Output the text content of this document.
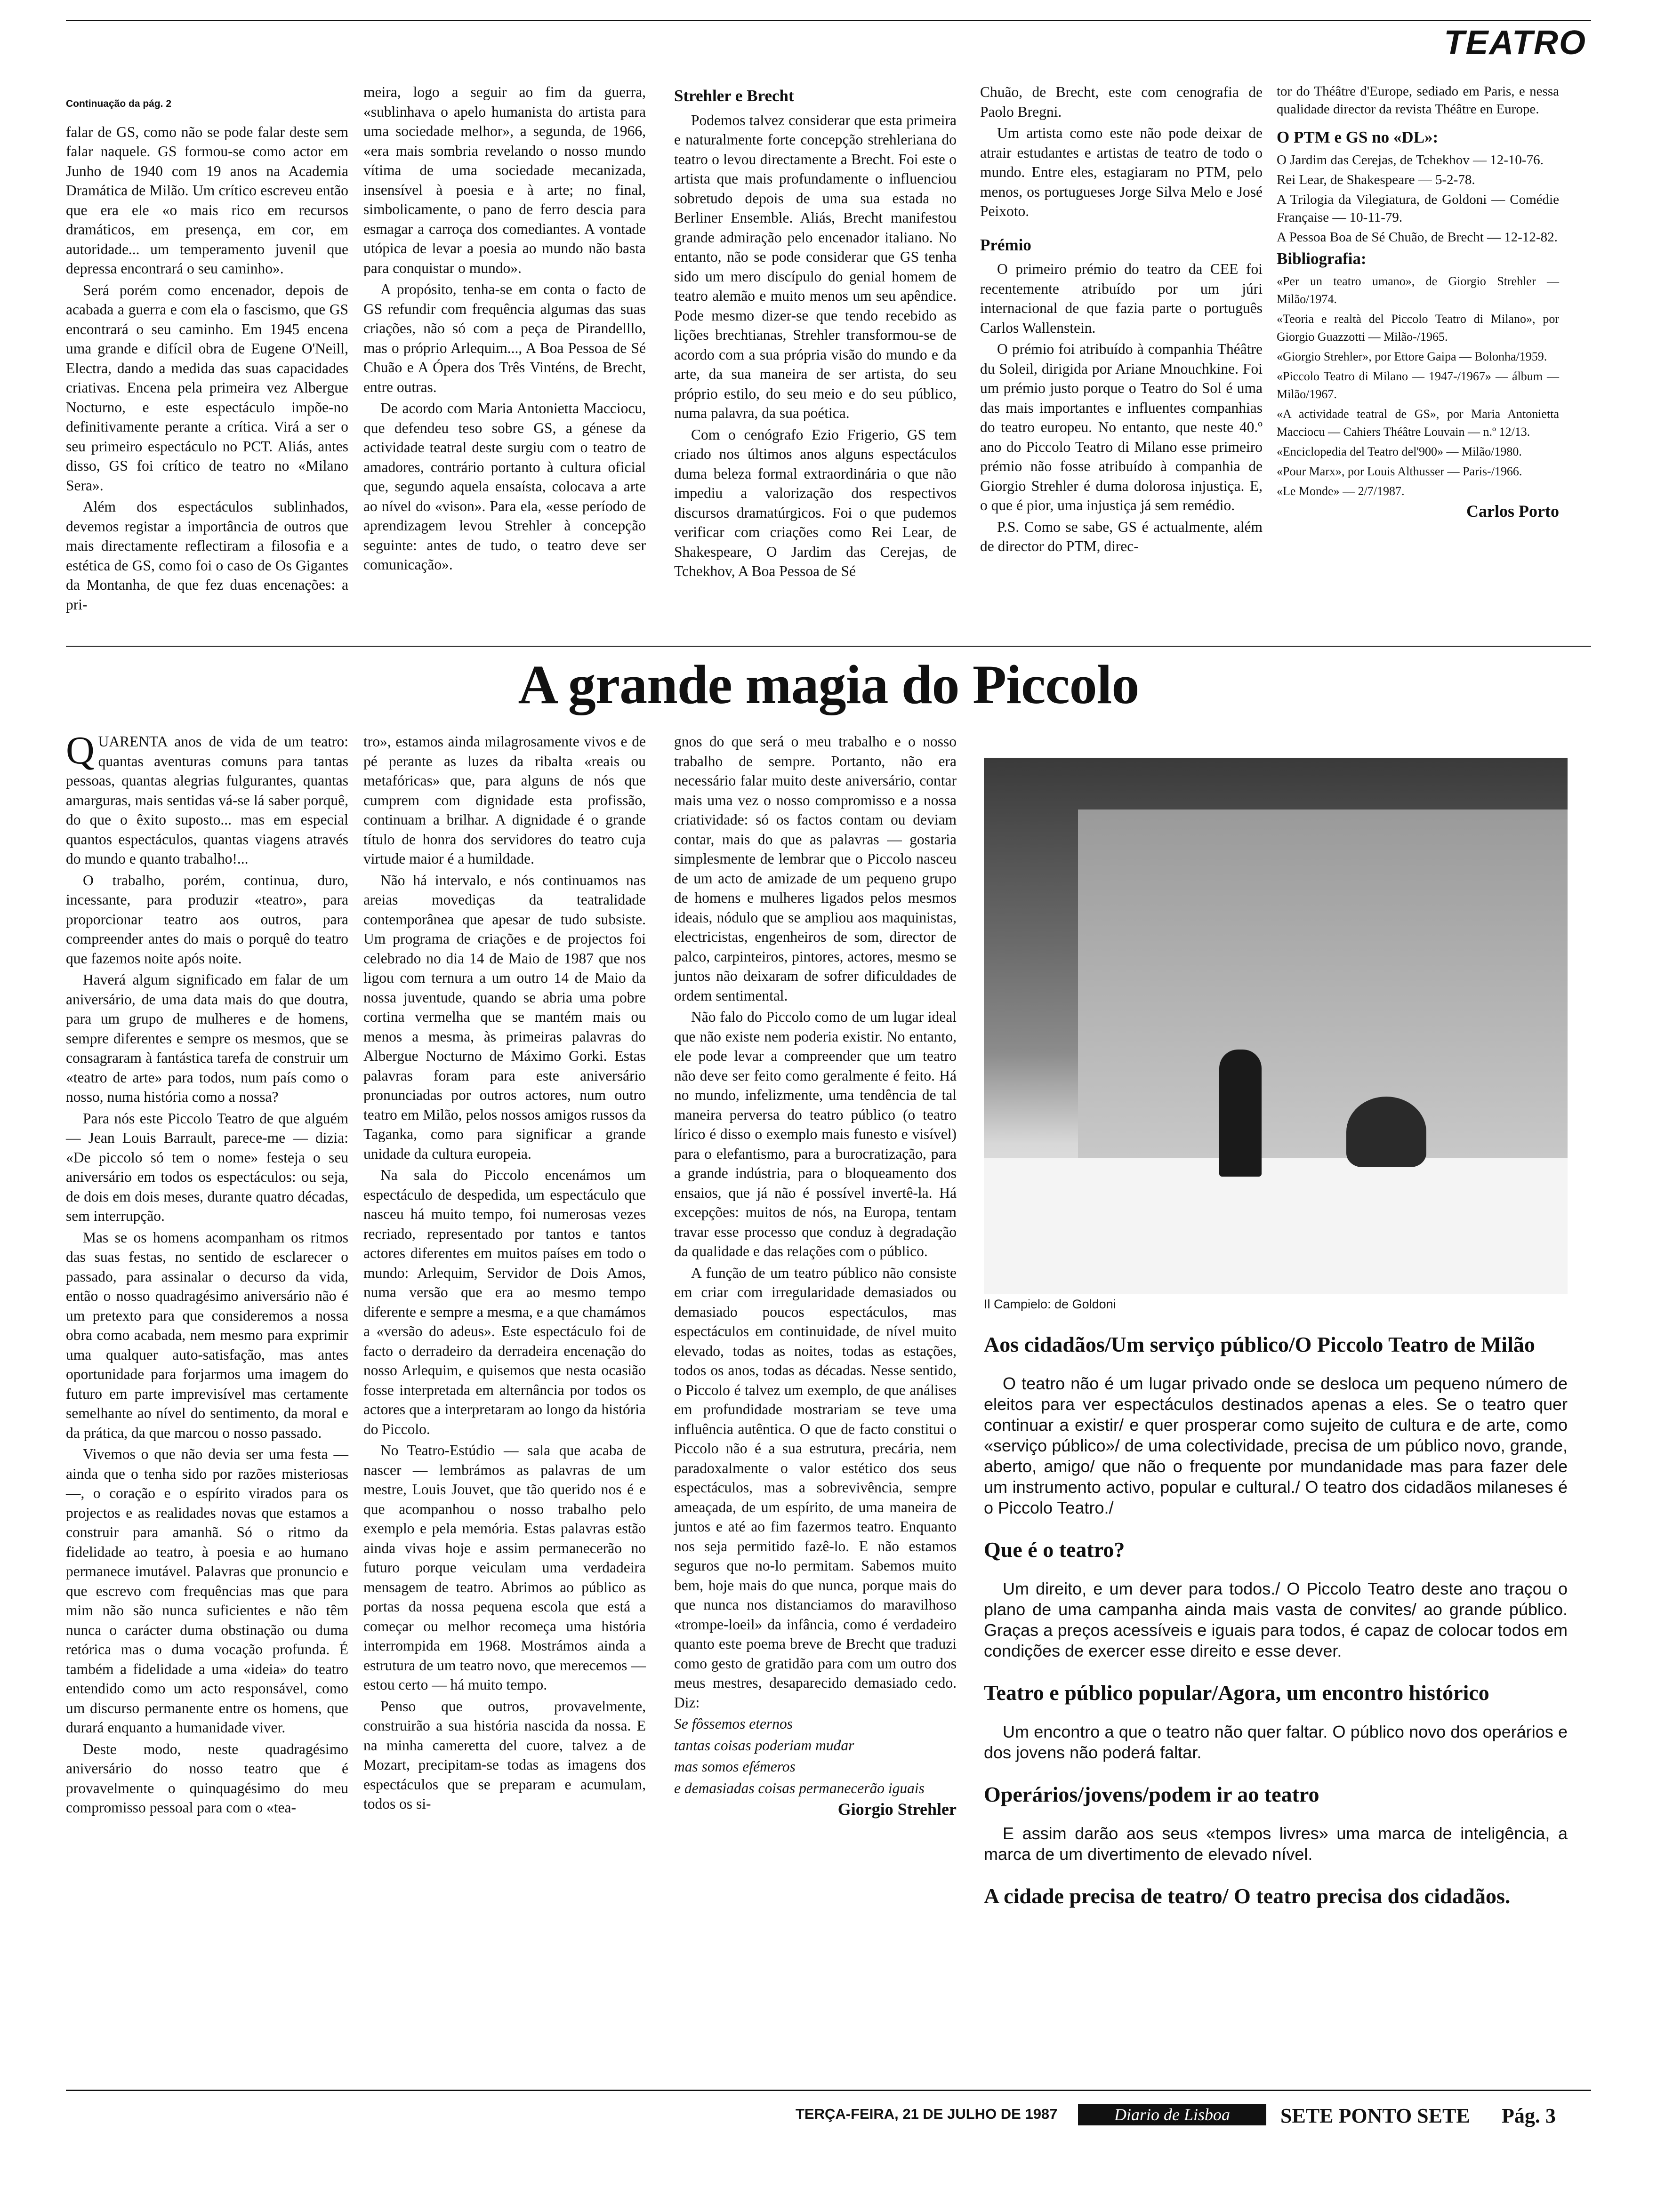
TEATRO

Continuação da pág. 2

falar de GS, como não se pode falar deste sem falar naquele. GS formou-se como actor em Junho de 1940 com 19 anos na Academia Dramática de Milão. Um crítico escreveu então que era ele «o mais rico em recursos dramáticos, em presença, em cor, em autoridade... um temperamento juvenil que depressa encontrará o seu caminho».

Será porém como encenador, depois de acabada a guerra e com ela o fascismo, que GS encontrará o seu caminho. Em 1945 encena uma grande e difícil obra de Eugene O'Neill, Electra, dando a medida das suas capacidades criativas. Encena pela primeira vez Albergue Nocturno, e este espectáculo impõe-no definitivamente perante a crítica. Virá a ser o seu primeiro espectáculo no PCT. Aliás, antes disso, GS foi crítico de teatro no «Milano Sera».

Além dos espectáculos sublinhados, devemos registar a importância de outros que mais directamente reflectiram a filosofia e a estética de GS, como foi o caso de Os Gigantes da Montanha, de que fez duas encenações: a pri-

meira, logo a seguir ao fim da guerra, «sublinhava o apelo humanista do artista para uma sociedade melhor», a segunda, de 1966, «era mais sombria revelando o nosso mundo vítima de uma sociedade mecanizada, insensível à poesia e à arte; no final, simbolicamente, o pano de ferro descia para esmagar a carroça dos comediantes. A vontade utópica de levar a poesia ao mundo não basta para conquistar o mundo».

A propósito, tenha-se em conta o facto de GS refundir com frequência algumas das suas criações, não só com a peça de Pirandelllo, mas o próprio Arlequim..., A Boa Pessoa de Sé Chuão e A Ópera dos Três Vinténs, de Brecht, entre outras.

De acordo com Maria Antonietta Macciocu, que defendeu teso sobre GS, a génese da actividade teatral deste surgiu com o teatro de amadores, contrário portanto à cultura oficial que, segundo aquela ensaísta, colocava a arte ao nível do «vison». Para ela, «esse período de aprendizagem levou Strehler à concepção seguinte: antes de tudo, o teatro deve ser comunicação».

Strehler e Brecht

Podemos talvez considerar que esta primeira e naturalmente forte concepção strehleriana do teatro o levou directamente a Brecht. Foi este o artista que mais profundamente o influenciou sobretudo depois de uma sua estada no Berliner Ensemble. Aliás, Brecht manifestou grande admiração pelo encenador italiano. No entanto, não se pode considerar que GS tenha sido um mero discípulo do genial homem de teatro alemão e muito menos um seu apêndice. Pode mesmo dizer-se que tendo recebido as lições brechtianas, Strehler transformou-se de acordo com a sua própria visão do mundo e da arte, da sua maneira de ser artista, do seu próprio estilo, do seu meio e do seu público, numa palavra, da sua poética.

Com o cenógrafo Ezio Frigerio, GS tem criado nos últimos anos alguns espectáculos duma beleza formal extraordinária o que não impediu a valorização dos respectivos discursos dramatúrgicos. Foi o que pudemos verificar com criações como Rei Lear, de Shakespeare, O Jardim das Cerejas, de Tchekhov, A Boa Pessoa de Sé

Chuão, de Brecht, este com cenografia de Paolo Bregni.

Um artista como este não pode deixar de atrair estudantes e artistas de teatro de todo o mundo. Entre eles, estagiaram no PTM, pelo menos, os portugueses Jorge Silva Melo e José Peixoto.

Prémio

O primeiro prémio do teatro da CEE foi recentemente atribuído por um júri internacional de que fazia parte o português Carlos Wallenstein.

O prémio foi atribuído à companhia Théâtre du Soleil, dirigida por Ariane Mnouchkine. Foi um prémio justo porque o Teatro do Sol é uma das mais importantes e influentes companhias do teatro europeu. No entanto, que neste 40.º ano do Piccolo Teatro di Milano esse primeiro prémio não fosse atribuído à companhia de Giorgio Strehler é duma dolorosa injustiça. E, o que é pior, uma injustiça já sem remédio.

P.S. Como se sabe, GS é actualmente, além de director do PTM, direc-

tor do Théâtre d'Europe, sediado em Paris, e nessa qualidade director da revista Théâtre en Europe.

O PTM e GS no «DL»:

O Jardim das Cerejas, de Tchekhov — 12-10-76.

Rei Lear, de Shakespeare — 5-2-78.

A Trilogia da Vilegiatura, de Goldoni — Comédie Française — 10-11-79.

A Pessoa Boa de Sé Chuão, de Brecht — 12-12-82.

Bibliografia:

«Per un teatro umano», de Giorgio Strehler — Milão/1974.

«Teoria e realtà del Piccolo Teatro di Milano», por Giorgio Guazzotti — Milão-/1965.

«Giorgio Strehler», por Ettore Gaipa — Bolonha/1959.

«Piccolo Teatro di Milano — 1947-/1967» — álbum — Milão/1967.

«A actividade teatral de GS», por Maria Antonietta Macciocu — Cahiers Théâtre Louvain — n.º 12/13.

«Enciclopedia del Teatro del'900» — Milão/1980.

«Pour Marx», por Louis Althusser — Paris-/1966.

«Le Monde» — 2/7/1987.

Carlos Porto

A grande magia do Piccolo

QUARENTA anos de vida de um teatro: quantas aventuras comuns para tantas pessoas, quantas alegrias fulgurantes, quantas amarguras, mais sentidas vá-se lá saber porquê, do que o êxito suposto... mas em especial quantos espectáculos, quantas viagens através do mundo e quanto trabalho!...

O trabalho, porém, continua, duro, incessante, para produzir «teatro», para proporcionar teatro aos outros, para compreender antes do mais o porquê do teatro que fazemos noite após noite.

Haverá algum significado em falar de um aniversário, de uma data mais do que doutra, para um grupo de mulheres e de homens, sempre diferentes e sempre os mesmos, que se consagraram à fantástica tarefa de construir um «teatro de arte» para todos, num país como o nosso, numa história como a nossa?

Para nós este Piccolo Teatro de que alguém — Jean Louis Barrault, parece-me — dizia: «De piccolo só tem o nome» festeja o seu aniversário em todos os espectáculos: ou seja, de dois em dois meses, durante quatro décadas, sem interrupção.

Mas se os homens acompanham os ritmos das suas festas, no sentido de esclarecer o passado, para assinalar o decurso da vida, então o nosso quadragésimo aniversário não é um pretexto para que consideremos a nossa obra como acabada, nem mesmo para exprimir uma qualquer auto-satisfação, mas antes oportunidade para forjarmos uma imagem do futuro em parte imprevisível mas certamente semelhante ao nível do sentimento, da moral e da prática, da que marcou o nosso passado.

Vivemos o que não devia ser uma festa — ainda que o tenha sido por razões misteriosas —, o coração e o espírito virados para os projectos e as realidades novas que estamos a construir para amanhã. Só o ritmo da fidelidade ao teatro, à poesia e ao humano permanece imutável. Palavras que pronuncio e que escrevo com frequências mas que para mim não são nunca suficientes e não têm nunca o carácter duma obstinação ou duma retórica mas o duma vocação profunda. É também a fidelidade a uma «ideia» do teatro entendido como um acto responsável, como um discurso permanente entre os homens, que durará enquanto a humanidade viver.

Deste modo, neste quadragésimo aniversário do nosso teatro que é provavelmente o quinquagésimo do meu compromisso pessoal para com o «tea-

tro», estamos ainda milagrosamente vivos e de pé perante as luzes da ribalta «reais ou metafóricas» que, para alguns de nós que cumprem com dignidade esta profissão, continuam a brilhar. A dignidade é o grande título de honra dos servidores do teatro cuja virtude maior é a humildade.

Não há intervalo, e nós continuamos nas areias movediças da teatralidade contemporânea que apesar de tudo subsiste. Um programa de criações e de projectos foi celebrado no dia 14 de Maio de 1987 que nos ligou com ternura a um outro 14 de Maio da nossa juventude, quando se abria uma pobre cortina vermelha que se mantém mais ou menos a mesma, às primeiras palavras do Albergue Nocturno de Máximo Gorki. Estas palavras foram para este aniversário pronunciadas por outros actores, num outro teatro em Milão, pelos nossos amigos russos da Taganka, como para significar a grande unidade da cultura europeia.

Na sala do Piccolo encenámos um espectáculo de despedida, um espectáculo que nasceu há muito tempo, foi numerosas vezes recriado, representado por tantos e tantos actores diferentes em muitos países em todo o mundo: Arlequim, Servidor de Dois Amos, numa versão que era ao mesmo tempo diferente e sempre a mesma, e a que chamámos a «versão do adeus». Este espectáculo foi de facto o derradeiro da derradeira encenação do nosso Arlequim, e quisemos que nesta ocasião fosse interpretada em alternância por todos os actores que a interpretaram ao longo da história do Piccolo.

No Teatro-Estúdio — sala que acaba de nascer — lembrámos as palavras de um mestre, Louis Jouvet, que tão querido nos é e que acompanhou o nosso trabalho pelo exemplo e pela memória. Estas palavras estão ainda vivas hoje e assim permanecerão no futuro porque veiculam uma verdadeira mensagem de teatro. Abrimos ao público as portas da nossa pequena escola que está a começar ou melhor recomeça uma história interrompida em 1968. Mostrámos ainda a estrutura de um teatro novo, que merecemos — estou certo — há muito tempo.

Penso que outros, provavelmente, construirão a sua história nascida da nossa. E na minha cameretta del cuore, talvez a de Mozart, precipitam-se todas as imagens dos espectáculos que se preparam e acumulam, todos os si-

gnos do que será o meu trabalho e o nosso trabalho de sempre. Portanto, não era necessário falar muito deste aniversário, contar mais uma vez o nosso compromisso e a nossa criatividade: só os factos contam ou deviam contar, mais do que as palavras — gostaria simplesmente de lembrar que o Piccolo nasceu de um acto de amizade de um pequeno grupo de homens e mulheres ligados pelos mesmos ideais, nódulo que se ampliou aos maquinistas, electricistas, engenheiros de som, director de palco, carpinteiros, pintores, actores, mesmo se juntos não deixaram de sofrer dificuldades de ordem sentimental.

Não falo do Piccolo como de um lugar ideal que não existe nem poderia existir. No entanto, ele pode levar a compreender que um teatro não deve ser feito como geralmente é feito. Há no mundo, infelizmente, uma tendência de tal maneira perversa do teatro público (o teatro lírico é disso o exemplo mais funesto e visível) para o elefantismo, para a burocratização, para a grande indústria, para o bloqueamento dos ensaios, que já não é possível invertê-la. Há excepções: muitos de nós, na Europa, tentam travar esse processo que conduz à degradação da qualidade e das relações com o público.

A função de um teatro público não consiste em criar com irregularidade demasiados ou demasiado poucos espectáculos, mas espectáculos em continuidade, de nível muito elevado, todas as noites, todas as estações, todos os anos, todas as décadas. Nesse sentido, o Piccolo é talvez um exemplo, de que análises em profundidade mostrariam se teve uma influência autêntica. O que de facto constitui o Piccolo não é a sua estrutura, precária, nem paradoxalmente o valor estético dos seus espectáculos, mas a sobrevivência, sempre ameaçada, de um espírito, de uma maneira de juntos e até ao fim fazermos teatro. Enquanto nos seja permitido fazê-lo. E não estamos seguros que no-lo permitam. Sabemos muito bem, hoje mais do que nunca, porque mais do que nunca nos distanciamos do maravilhoso «trompe-loeil» da infância, como é verdadeiro quanto este poema breve de Brecht que traduzi como gesto de gratidão para com um outro dos meus mestres, desaparecido demasiado cedo. Diz:

Se fôssemos eternos

tantas coisas poderiam mudar

mas somos efémeros

e demasiadas coisas permanecerão iguais

Giorgio Strehler

Il Campielo: de Goldoni
Aos cidadãos/Um serviço público/O Piccolo Teatro de Milão

O teatro não é um lugar privado onde se desloca um pequeno número de eleitos para ver espectáculos destinados apenas a eles. Se o teatro quer continuar a existir/ e quer prosperar como sujeito de cultura e de arte, como «serviço público»/ de uma colectividade, precisa de um público novo, grande, aberto, amigo/ que não o frequente por mundanidade mas para fazer dele um instrumento activo, popular e cultural./ O teatro dos cidadãos milaneses é o Piccolo Teatro./

Que é o teatro?

Um direito, e um dever para todos./ O Piccolo Teatro deste ano traçou o plano de uma campanha ainda mais vasta de convites/ ao grande público. Graças a preços acessíveis e iguais para todos, é capaz de colocar todos em condições de exercer esse direito e esse dever.

Teatro e público popular/Agora, um encontro histórico

Um encontro a que o teatro não quer faltar. O público novo dos operários e dos jovens não poderá faltar.

Operários/jovens/podem ir ao teatro

E assim darão aos seus «tempos livres» uma marca de inteligência, a marca de um divertimento de elevado nível.

A cidade precisa de teatro/ O teatro precisa dos cidadãos.
TERÇA-FEIRA, 21 DE JULHO DE 1987	Diario de Lisboa	SETE PONTO SETE Pág. 3
